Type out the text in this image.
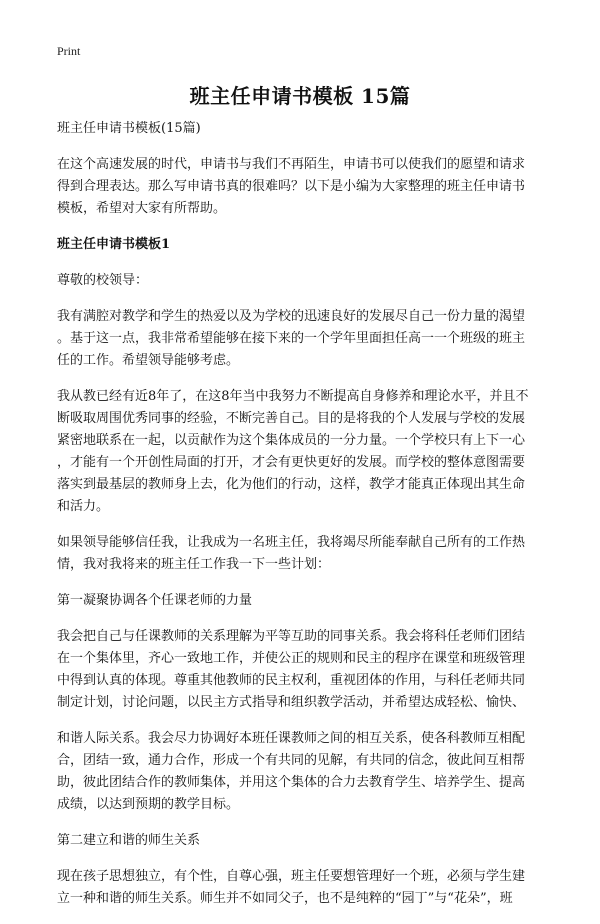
Print
班主任申请书模板 15篇

班主任申请书模板(15篇)

在这个高速发展的时代，申请书与我们不再陌生，申请书可以使我们的愿望和请求
得到合理表达。那么写申请书真的很难吗？以下是小编为大家整理的班主任申请书
模板，希望对大家有所帮助。

班主任申请书模板1

尊敬的校领导：

我有满腔对教学和学生的热爱以及为学校的迅速良好的发展尽自己一份力量的渴望
。基于这一点，我非常希望能够在接下来的一个学年里面担任高一一个班级的班主
任的工作。希望领导能够考虑。

我从教已经有近8年了，在这8年当中我努力不断提高自身修养和理论水平，并且不
断吸取周围优秀同事的经验，不断完善自己。目的是将我的个人发展与学校的发展
紧密地联系在一起，以贡献作为这个集体成员的一分力量。一个学校只有上下一心
，才能有一个开创性局面的打开，才会有更快更好的发展。而学校的整体意图需要
落实到最基层的教师身上去，化为他们的行动，这样，教学才能真正体现出其生命
和活力。

如果领导能够信任我，让我成为一名班主任，我将竭尽所能奉献自己所有的工作热
情，我对我将来的班主任工作我一下一些计划：

第一凝聚协调各个任课老师的力量

我会把自己与任课教师的关系理解为平等互助的同事关系。我会将科任老师们团结
在一个集体里，齐心一致地工作，并使公正的规则和民主的程序在课堂和班级管理
中得到认真的体现。尊重其他教师的民主权利，重视团体的作用，与科任老师共同
制定计划，讨论问题，以民主方式指导和组织教学活动，并希望达成轻松、愉快、

和谐人际关系。我会尽力协调好本班任课教师之间的相互关系，使各科教师互相配
合，团结一致，通力合作，形成一个有共同的见解，有共同的信念，彼此间互相帮
助，彼此团结合作的教师集体，并用这个集体的合力去教育学生、培养学生、提高
成绩，以达到预期的教学目标。

第二建立和谐的师生关系

现在孩子思想独立，有个性，自尊心强，班主任要想管理好一个班，必须与学生建
立一种和谐的师生关系。师生并不如同父子，也不是纯粹的“园丁”与“花朵”，班
